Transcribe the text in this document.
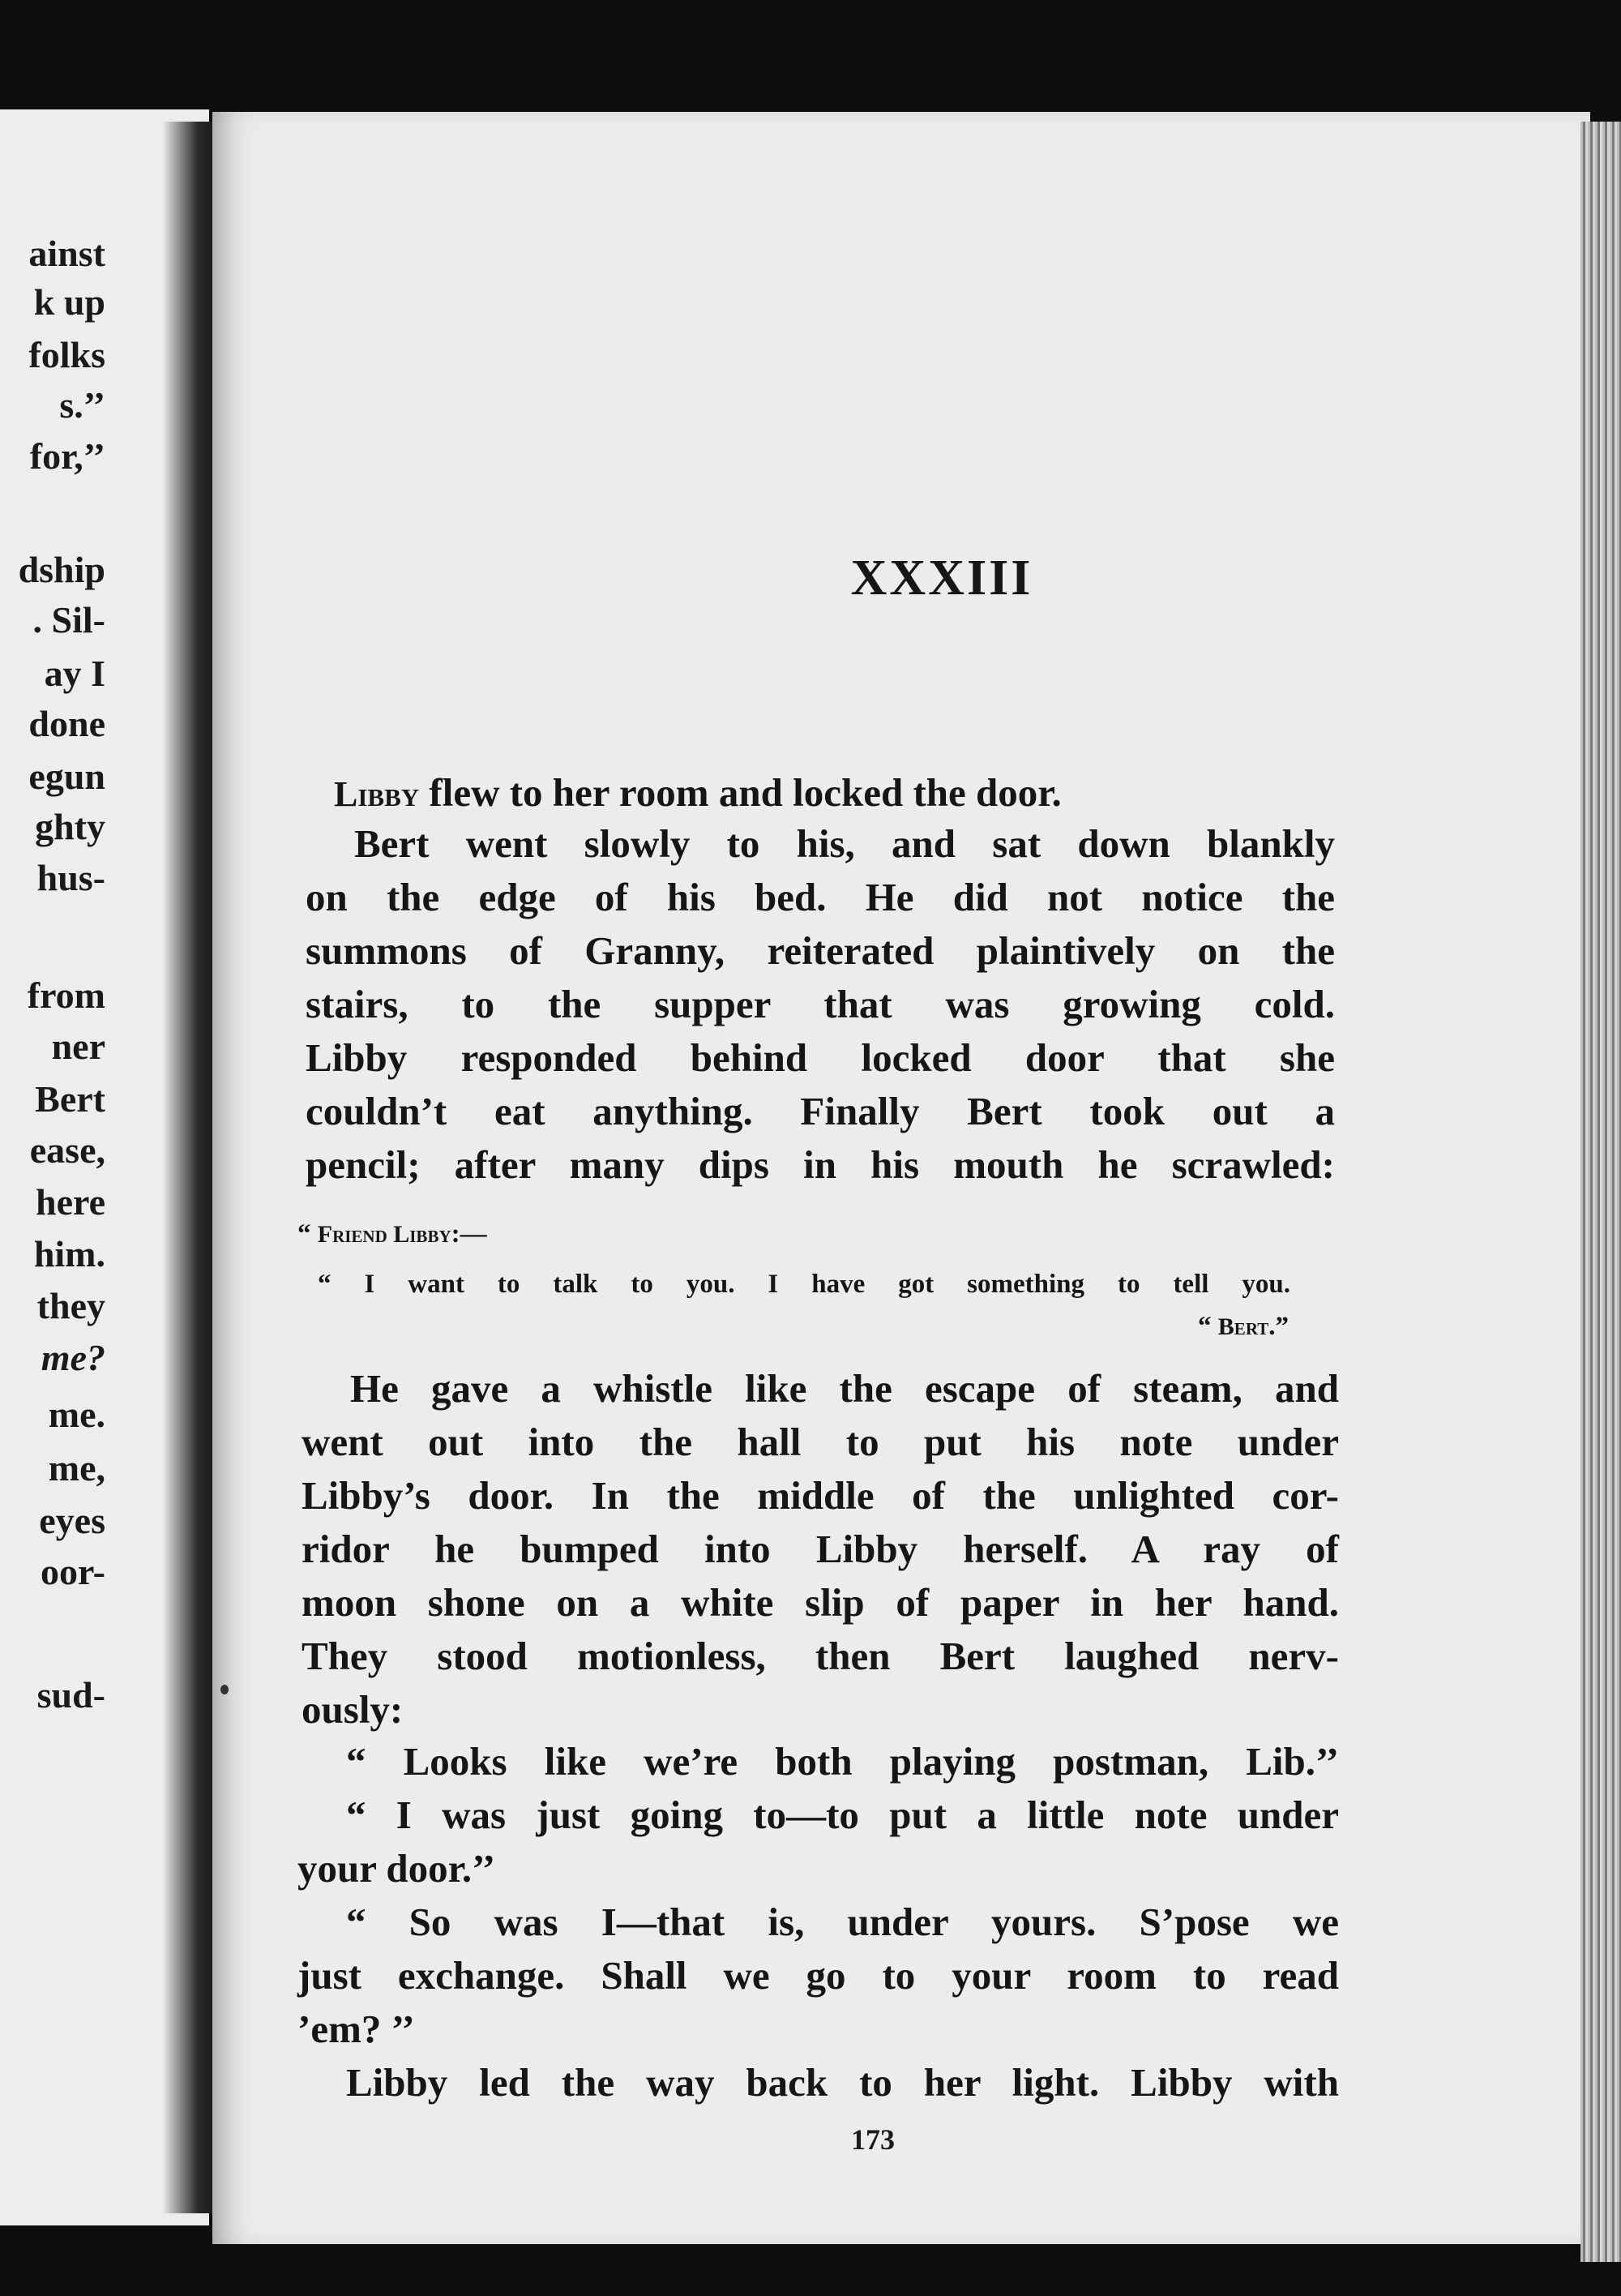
ainst
k up
folks
s.’’
for,’’
dship
. Sil-
ay I
done
egun
ghty
hus-
from
ner
Bert
ease,
here
him.
they
me?
me.
me,
eyes
oor-
sud-
XXXIII
Libby flew to her room and locked the door.
Bert went slowly to his, and sat down blankly
on the edge of his bed. He did not notice the
summons of Granny, reiterated plaintively on the
stairs, to the supper that was growing cold.
Libby responded behind locked door that she
couldn’t eat anything. Finally Bert took out a
pencil; after many dips in his mouth he scrawled:
“ Friend Libby:—
“ I want to talk to you. I have got something to tell you.
“ Bert.”
He gave a whistle like the escape of steam, and
went out into the hall to put his note under
Libby’s door. In the middle of the unlighted cor-
ridor he bumped into Libby herself. A ray of
moon shone on a white slip of paper in her hand.
They stood motionless, then Bert laughed nerv-
ously:
“ Looks like we’re both playing postman, Lib.’’
“ I was just going to—to put a little note under
your door.’’
“ So was I—that is, under yours. S’pose we
just exchange. Shall we go to your room to read
’em? ’’
Libby led the way back to her light. Libby with
173
